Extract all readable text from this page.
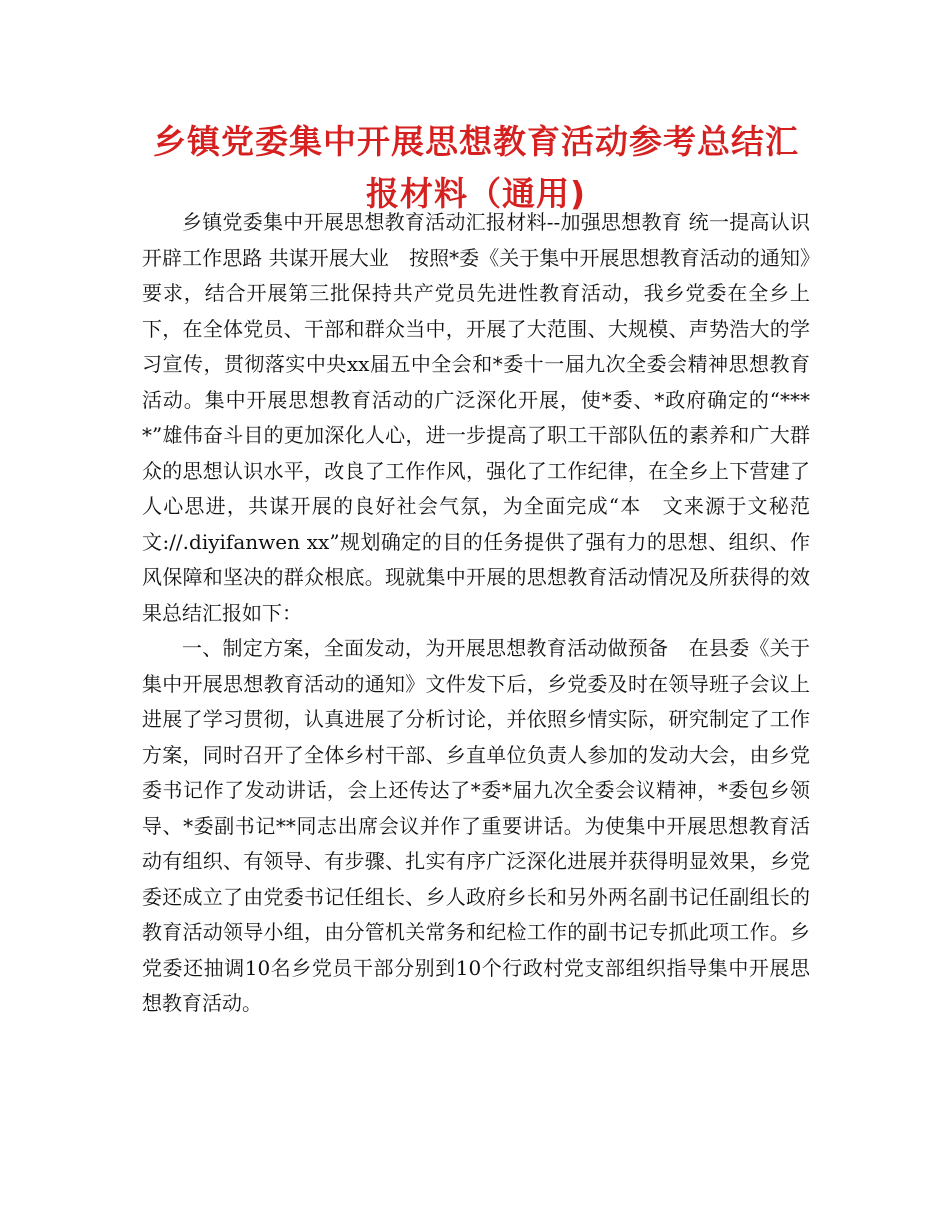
乡镇党委集中开展思想教育活动参考总结汇报材料（通用)

乡镇党委集中开展思想教育活动汇报材料--加强思想教育 统一提高认识 开辟工作思路 共谋开展大业　按照*委《关于集中开展思想教育活动的通知》要求，结合开展第三批保持共产党员先进性教育活动，我乡党委在全乡上下，在全体党员、干部和群众当中，开展了大范围、大规模、声势浩大的学习宣传，贯彻落实中央xx届五中全会和*委十一届九次全委会精神思想教育活动。集中开展思想教育活动的广泛深化开展，使*委、*政府确定的“****”雄伟奋斗目的更加深化人心，进一步提高了职工干部队伍的素养和广大群众的思想认识水平，改良了工作作风，强化了工作纪律，在全乡上下营建了人心思进，共谋开展的良好社会气氛，为全面完成“本　文来源于文秘范文://.diyifanwen xx”规划确定的目的任务提供了强有力的思想、组织、作风保障和坚决的群众根底。现就集中开展的思想教育活动情况及所获得的效果总结汇报如下：

一、制定方案，全面发动，为开展思想教育活动做预备　在县委《关于集中开展思想教育活动的通知》文件发下后，乡党委及时在领导班子会议上进展了学习贯彻，认真进展了分析讨论，并依照乡情实际，研究制定了工作方案，同时召开了全体乡村干部、乡直单位负责人参加的发动大会，由乡党委书记作了发动讲话，会上还传达了*委*届九次全委会议精神，*委包乡领导、*委副书记**同志出席会议并作了重要讲话。为使集中开展思想教育活动有组织、有领导、有步骤、扎实有序广泛深化进展并获得明显效果，乡党委还成立了由党委书记任组长、乡人政府乡长和另外两名副书记任副组长的教育活动领导小组，由分管机关常务和纪检工作的副书记专抓此项工作。乡党委还抽调10名乡党员干部分别到10个行政村党支部组织指导集中开展思想教育活动。
